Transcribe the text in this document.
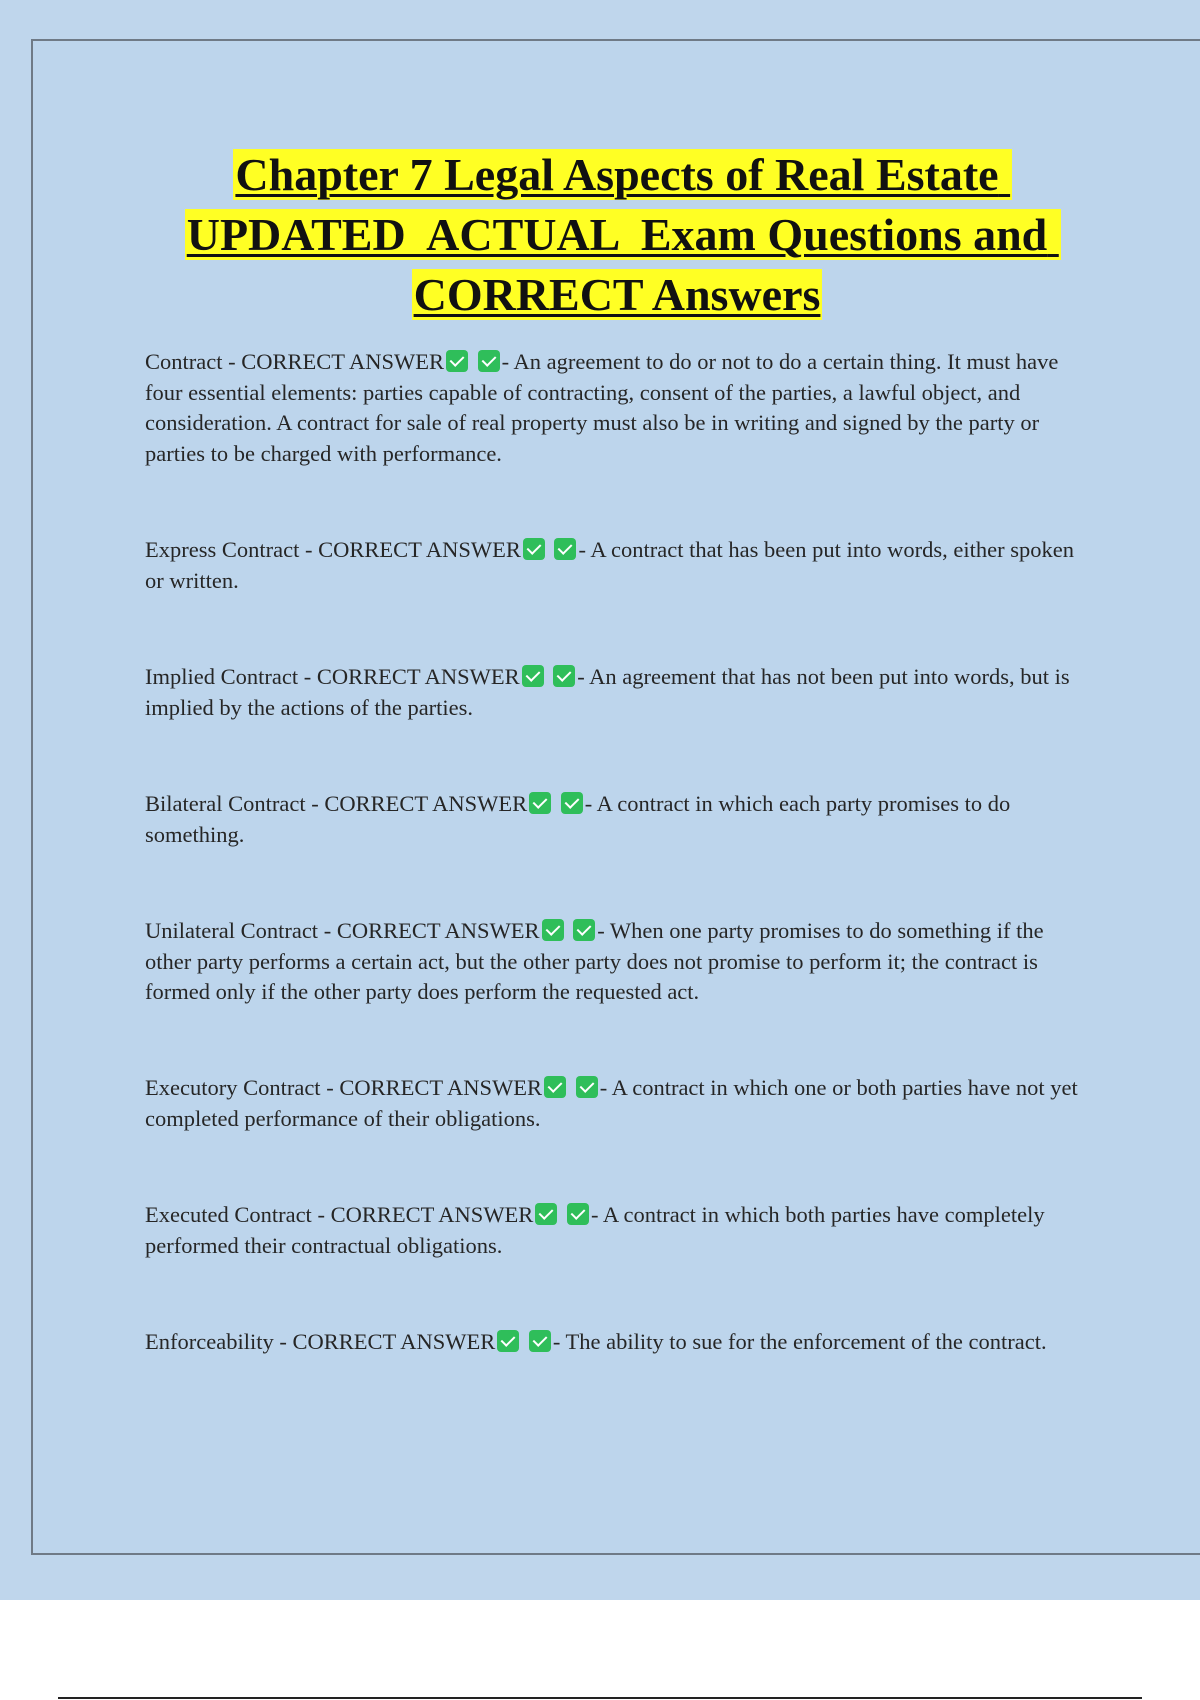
Chapter 7 Legal Aspects of Real Estate UPDATED  ACTUAL  Exam Questions and CORRECT Answers

Contract - CORRECT ANSWER	- An agreement to do or not to do a certain thing. It must have four essential elements: parties capable of contracting, consent of the parties, a lawful object, and consideration. A contract for sale of real property must also be in writing and signed by the party or parties to be charged with performance.

Express Contract - CORRECT ANSWER	- A contract that has been put into words, either spoken or written.

Implied Contract - CORRECT ANSWER	- An agreement that has not been put into words, but is implied by the actions of the parties.

Bilateral Contract - CORRECT ANSWER	- A contract in which each party promises to do something.

Unilateral Contract - CORRECT ANSWER	- When one party promises to do something if the other party performs a certain act, but the other party does not promise to perform it; the contract is formed only if the other party does perform the requested act.

Executory Contract - CORRECT ANSWER	- A contract in which one or both parties have not yet completed performance of their obligations.

Executed Contract - CORRECT ANSWER	- A contract in which both parties have completely performed their contractual obligations.

Enforceability - CORRECT ANSWER	- The ability to sue for the enforcement of the contract.
